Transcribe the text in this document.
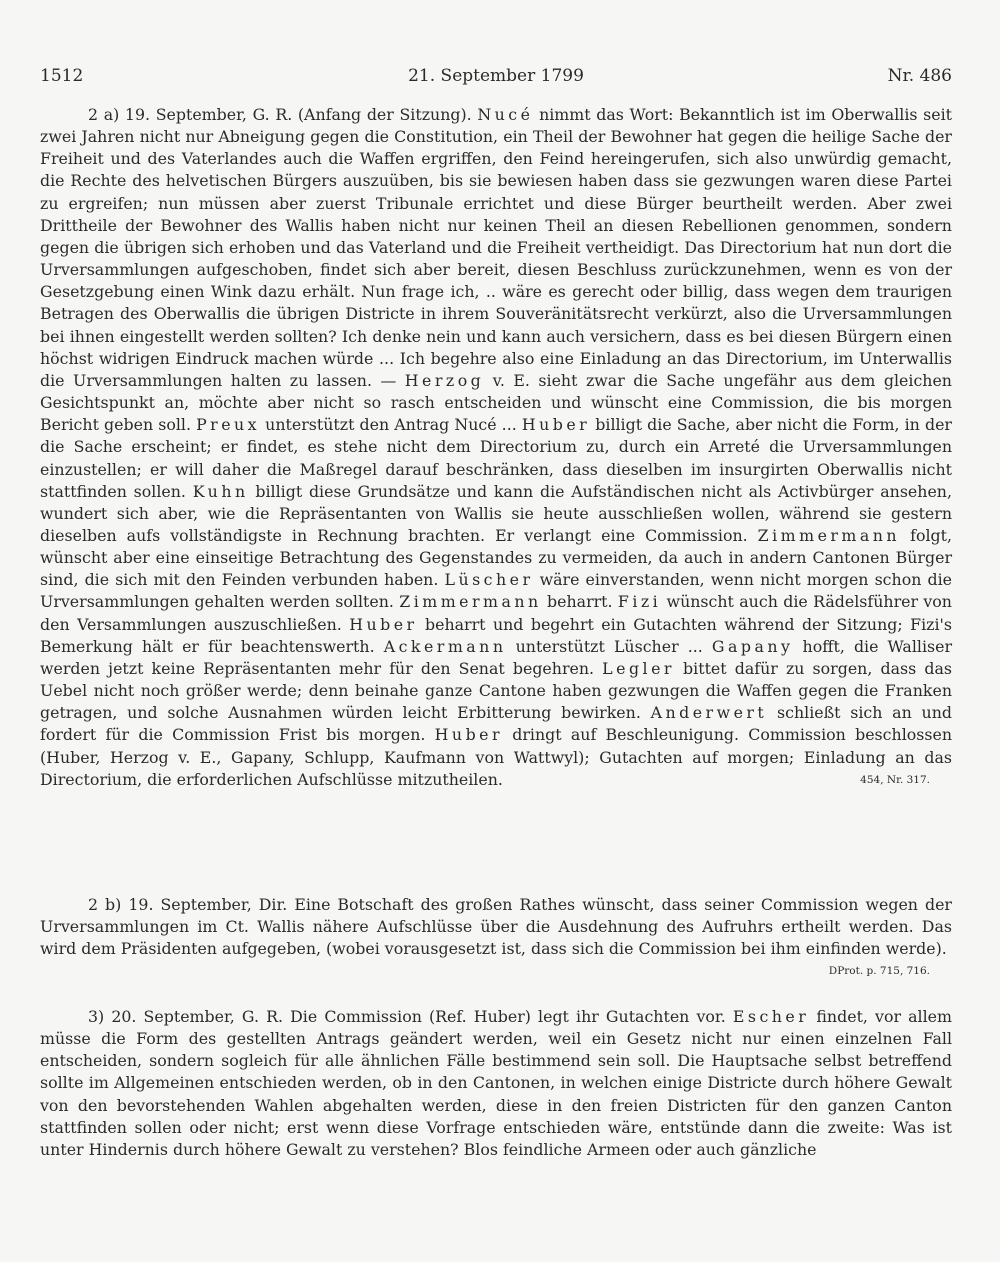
1512	21. September 1799	Nr. 486

2 a) 19. September, G. R. (Anfang der Sitzung). Nucé nimmt das Wort: Bekanntlich ist im Oberwallis seit zwei Jahren nicht nur Abneigung gegen die Constitution, ein Theil der Bewohner hat gegen die heilige Sache der Freiheit und des Vaterlandes auch die Waffen ergriffen, den Feind hereingerufen, sich also unwürdig gemacht, die Rechte des helvetischen Bürgers auszuüben, bis sie bewiesen haben dass sie gezwungen waren diese Partei zu ergreifen; nun müssen aber zuerst Tribunale errichtet und diese Bürger beurtheilt werden. Aber zwei Drittheile der Bewohner des Wallis haben nicht nur keinen Theil an diesen Rebellionen genommen, sondern gegen die übrigen sich erhoben und das Vaterland und die Freiheit vertheidigt. Das Directorium hat nun dort die Urversammlungen aufgeschoben, findet sich aber bereit, diesen Beschluss zurückzunehmen, wenn es von der Gesetzgebung einen Wink dazu erhält. Nun frage ich, .. wäre es gerecht oder billig, dass wegen dem traurigen Betragen des Oberwallis die übrigen Districte in ihrem Souveränitätsrecht verkürzt, also die Urversammlungen bei ihnen eingestellt werden sollten? Ich denke nein und kann auch versichern, dass es bei diesen Bürgern einen höchst widrigen Eindruck machen würde ... Ich begehre also eine Einladung an das Directorium, im Unterwallis die Urversammlungen halten zu lassen. — Herzog v. E. sieht zwar die Sache ungefähr aus dem gleichen Gesichtspunkt an, möchte aber nicht so rasch entscheiden und wünscht eine Commission, die bis morgen Bericht geben soll. Preux unterstützt den Antrag Nucé ... Huber billigt die Sache, aber nicht die Form, in der die Sache erscheint; er findet, es stehe nicht dem Directorium zu, durch ein Arreté die Urversammlungen einzustellen; er will daher die Maßregel darauf beschränken, dass dieselben im insurgirten Oberwallis nicht stattfinden sollen. Kuhn billigt diese Grundsätze und kann die Aufständischen nicht als Activbürger ansehen, wundert sich aber, wie die Repräsentanten von Wallis sie heute ausschließen wollen, während sie gestern dieselben aufs vollständigste in Rechnung brachten. Er verlangt eine Commission. Zimmermann folgt, wünscht aber eine einseitige Betrachtung des Gegenstandes zu vermeiden, da auch in andern Cantonen Bürger sind, die sich mit den Feinden verbunden haben. Lüscher wäre einverstanden, wenn nicht morgen schon die Urversammlungen gehalten werden sollten. Zimmermann beharrt. Fizi wünscht auch die Rädelsführer von den Versammlungen auszuschließen. Huber beharrt und begehrt ein Gutachten während der Sitzung; Fizi's Bemerkung hält er für beachtenswerth. Ackermann unterstützt Lüscher ... Gapany hofft, die Walliser werden jetzt keine Repräsentanten mehr für den Senat begehren. Legler bittet dafür zu sorgen, dass das Uebel nicht noch größer werde; denn beinahe ganze Cantone haben gezwungen die Waffen gegen die Franken getragen, und solche Ausnahmen würden leicht Erbitterung bewirken. Anderwert schließt sich an und fordert für die Commission Frist bis morgen. Huber dringt auf Beschleunigung. Commission beschlossen (Huber, Herzog v. E., Gapany, Schlupp, Kaufmann von Wattwyl); Gutachten auf morgen; Einladung an das Directorium, die erforderlichen Aufschlüsse mitzutheilen.	454, Nr. 317.

2 b) 19. September, Dir. Eine Botschaft des großen Rathes wünscht, dass seiner Commission wegen der Urversammlungen im Ct. Wallis nähere Aufschlüsse über die Ausdehnung des Aufruhrs ertheilt werden. Das wird dem Präsidenten aufgegeben, (wobei vorausgesetzt ist, dass sich die Commission bei ihm einfinden werde).
DProt. p. 715, 716.

3) 20. September, G. R. Die Commission (Ref. Huber) legt ihr Gutachten vor. Escher findet, vor allem müsse die Form des gestellten Antrags geändert werden, weil ein Gesetz nicht nur einen einzelnen Fall entscheiden, sondern sogleich für alle ähnlichen Fälle bestimmend sein soll. Die Hauptsache selbst betreffend sollte im Allgemeinen entschieden werden, ob in den Cantonen, in welchen einige Districte durch höhere Gewalt von den bevorstehenden Wahlen abgehalten werden, diese in den freien Districten für den ganzen Canton stattfinden sollen oder nicht; erst wenn diese Vorfrage entschieden wäre, entstünde dann die zweite: Was ist unter Hindernis durch höhere Gewalt zu verstehen? Blos feindliche Armeen oder auch gänzliche
